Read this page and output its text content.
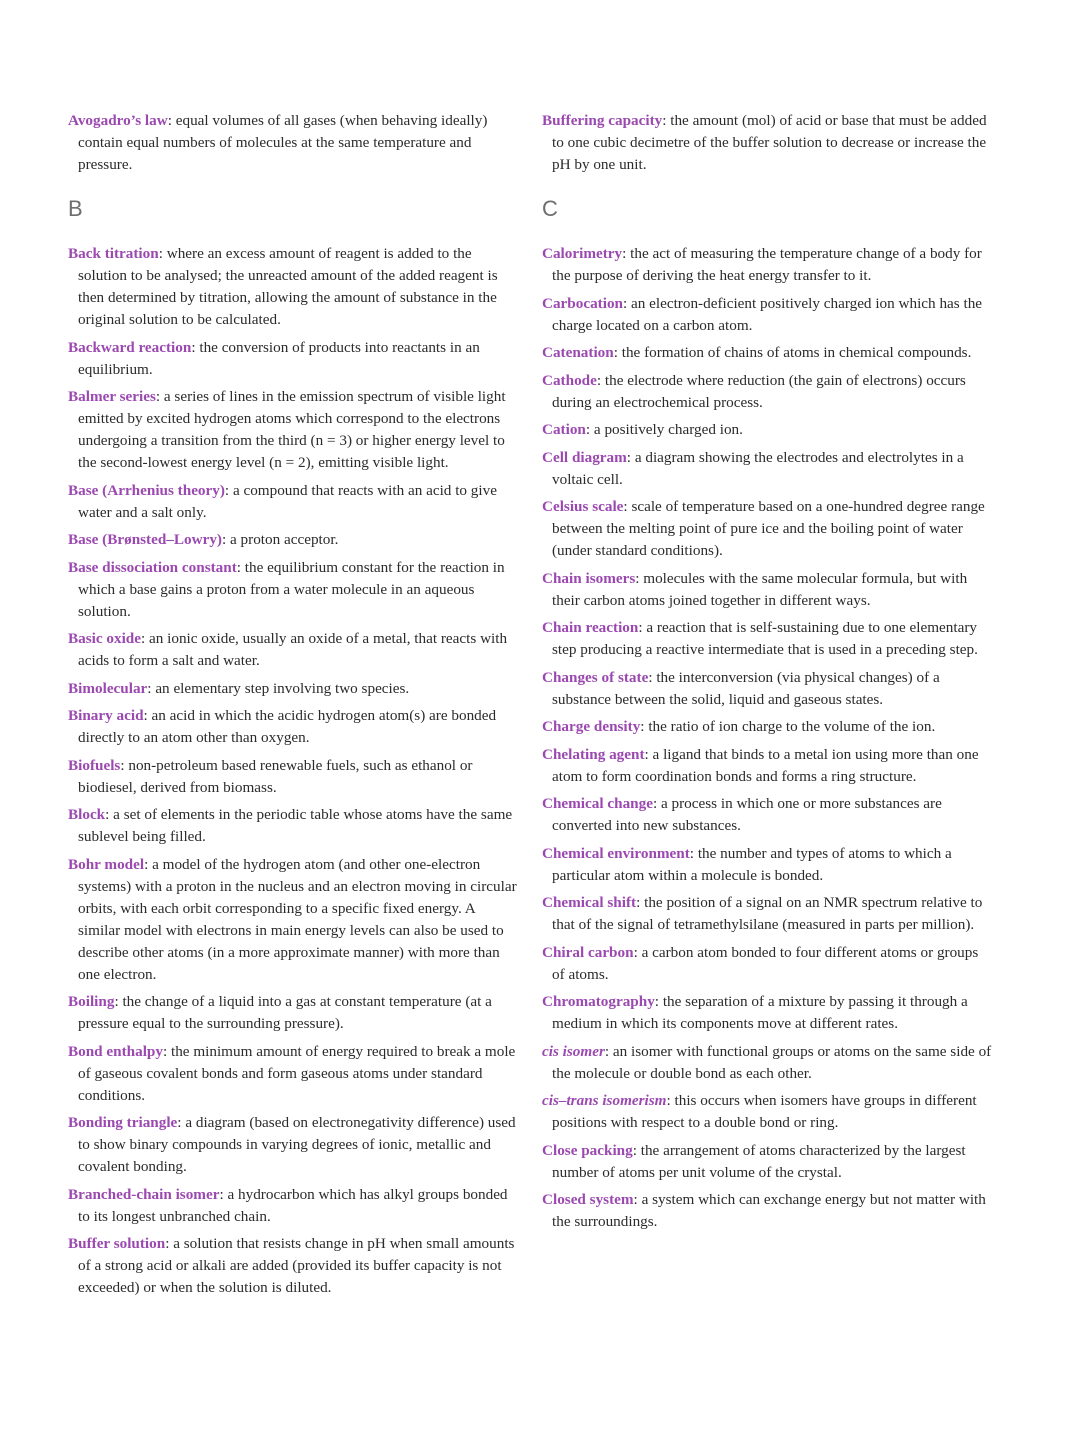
Avogadro’s law: equal volumes of all gases (when behaving ideally) contain equal numbers of molecules at the same temperature and pressure.

B

Back titration: where an excess amount of reagent is added to the solution to be analysed; the unreacted amount of the added reagent is then determined by titration, allowing the amount of substance in the original solution to be calculated.

Backward reaction: the conversion of products into reactants in an equilibrium.

Balmer series: a series of lines in the emission spectrum of visible light emitted by excited hydrogen atoms which correspond to the electrons undergoing a transition from the third (n = 3) or higher energy level to the second-lowest energy level (n = 2), emitting visible light.

Base (Arrhenius theory): a compound that reacts with an acid to give water and a salt only.

Base (Brønsted–Lowry): a proton acceptor.

Base dissociation constant: the equilibrium constant for the reaction in which a base gains a proton from a water molecule in an aqueous solution.

Basic oxide: an ionic oxide, usually an oxide of a metal, that reacts with acids to form a salt and water.

Bimolecular: an elementary step involving two species.

Binary acid: an acid in which the acidic hydrogen atom(s) are bonded directly to an atom other than oxygen.

Biofuels: non-petroleum based renewable fuels, such as ethanol or biodiesel, derived from biomass.

Block: a set of elements in the periodic table whose atoms have the same sublevel being filled.

Bohr model: a model of the hydrogen atom (and other one-electron systems) with a proton in the nucleus and an electron moving in circular orbits, with each orbit corresponding to a specific fixed energy. A similar model with electrons in main energy levels can also be used to describe other atoms (in a more approximate manner) with more than one electron.

Boiling: the change of a liquid into a gas at constant temperature (at a pressure equal to the surrounding pressure).

Bond enthalpy: the minimum amount of energy required to break a mole of gaseous covalent bonds and form gaseous atoms under standard conditions.

Bonding triangle: a diagram (based on electronegativity difference) used to show binary compounds in varying degrees of ionic, metallic and covalent bonding.

Branched-chain isomer: a hydrocarbon which has alkyl groups bonded to its longest unbranched chain.

Buffer solution: a solution that resists change in pH when small amounts of a strong acid or alkali are added (provided its buffer capacity is not exceeded) or when the solution is diluted.

Buffering capacity: the amount (mol) of acid or base that must be added to one cubic decimetre of the buffer solution to decrease or increase the pH by one unit.

C

Calorimetry: the act of measuring the temperature change of a body for the purpose of deriving the heat energy transfer to it.

Carbocation: an electron-deficient positively charged ion which has the charge located on a carbon atom.

Catenation: the formation of chains of atoms in chemical compounds.

Cathode: the electrode where reduction (the gain of electrons) occurs during an electrochemical process.

Cation: a positively charged ion.

Cell diagram: a diagram showing the electrodes and electrolytes in a voltaic cell.

Celsius scale: scale of temperature based on a one-hundred degree range between the melting point of pure ice and the boiling point of water (under standard conditions).

Chain isomers: molecules with the same molecular formula, but with their carbon atoms joined together in different ways.

Chain reaction: a reaction that is self-sustaining due to one elementary step producing a reactive intermediate that is used in a preceding step.

Changes of state: the interconversion (via physical changes) of a substance between the solid, liquid and gaseous states.

Charge density: the ratio of ion charge to the volume of the ion.

Chelating agent: a ligand that binds to a metal ion using more than one atom to form coordination bonds and forms a ring structure.

Chemical change: a process in which one or more substances are converted into new substances.

Chemical environment: the number and types of atoms to which a particular atom within a molecule is bonded.

Chemical shift: the position of a signal on an NMR spectrum relative to that of the signal of tetramethylsilane (measured in parts per million).

Chiral carbon: a carbon atom bonded to four different atoms or groups of atoms.

Chromatography: the separation of a mixture by passing it through a medium in which its components move at different rates.

cis isomer: an isomer with functional groups or atoms on the same side of the molecule or double bond as each other.

cis–trans isomerism: this occurs when isomers have groups in different positions with respect to a double bond or ring.

Close packing: the arrangement of atoms characterized by the largest number of atoms per unit volume of the crystal.

Closed system: a system which can exchange energy but not matter with the surroundings.
